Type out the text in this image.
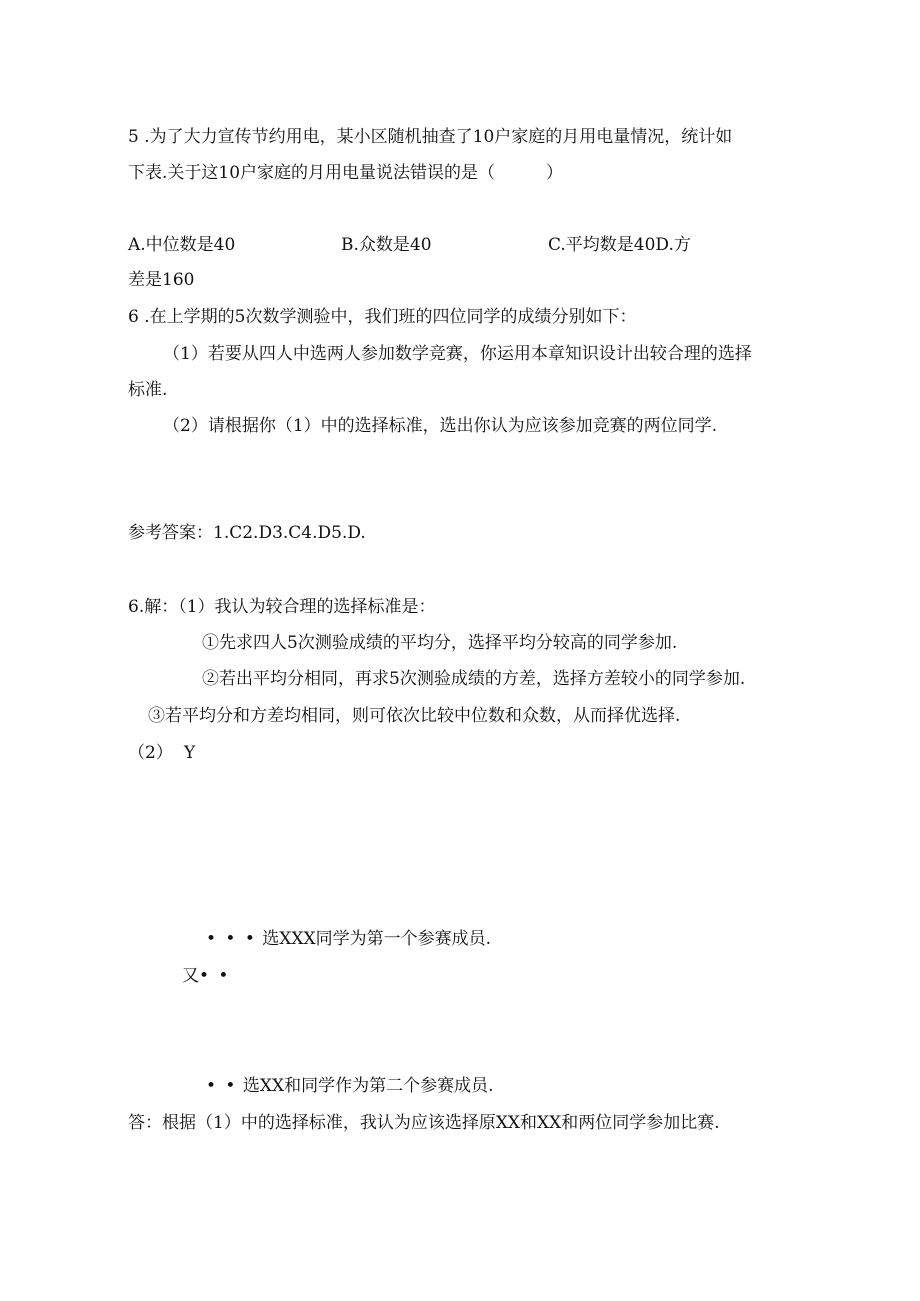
5 .为了大力宣传节约用电，某小区随机抽查了10户家庭的月用电量情况，统计如
下表.关于这10户家庭的月用电量说法错误的是（　　　）
A.中位数是40	B.众数是40	C.平均数是40D.方
差是160
6 .在上学期的5次数学测验中，我们班的四位同学的成绩分别如下：
（1）若要从四人中选两人参加数学竞赛，你运用本章知识设计出较合理的选择
标准.
（2）请根据你（1）中的选择标准，选出你认为应该参加竞赛的两位同学.
参考答案：1.C2.D3.C4.D5.D.
6.解：（1）我认为较合理的选择标准是：
①先求四人5次测验成绩的平均分，选择平均分较高的同学参加.
②若出平均分相同，再求5次测验成绩的方差，选择方差较小的同学参加.
③若平均分和方差均相同，则可依次比较中位数和众数，从而择优选择.
（2） Y
• • • 选XXX同学为第一个参赛成员.
又• •
• • 选XX和同学作为第二个参赛成员.
答：根据（1）中的选择标准，我认为应该选择原XX和XX和两位同学参加比赛.
